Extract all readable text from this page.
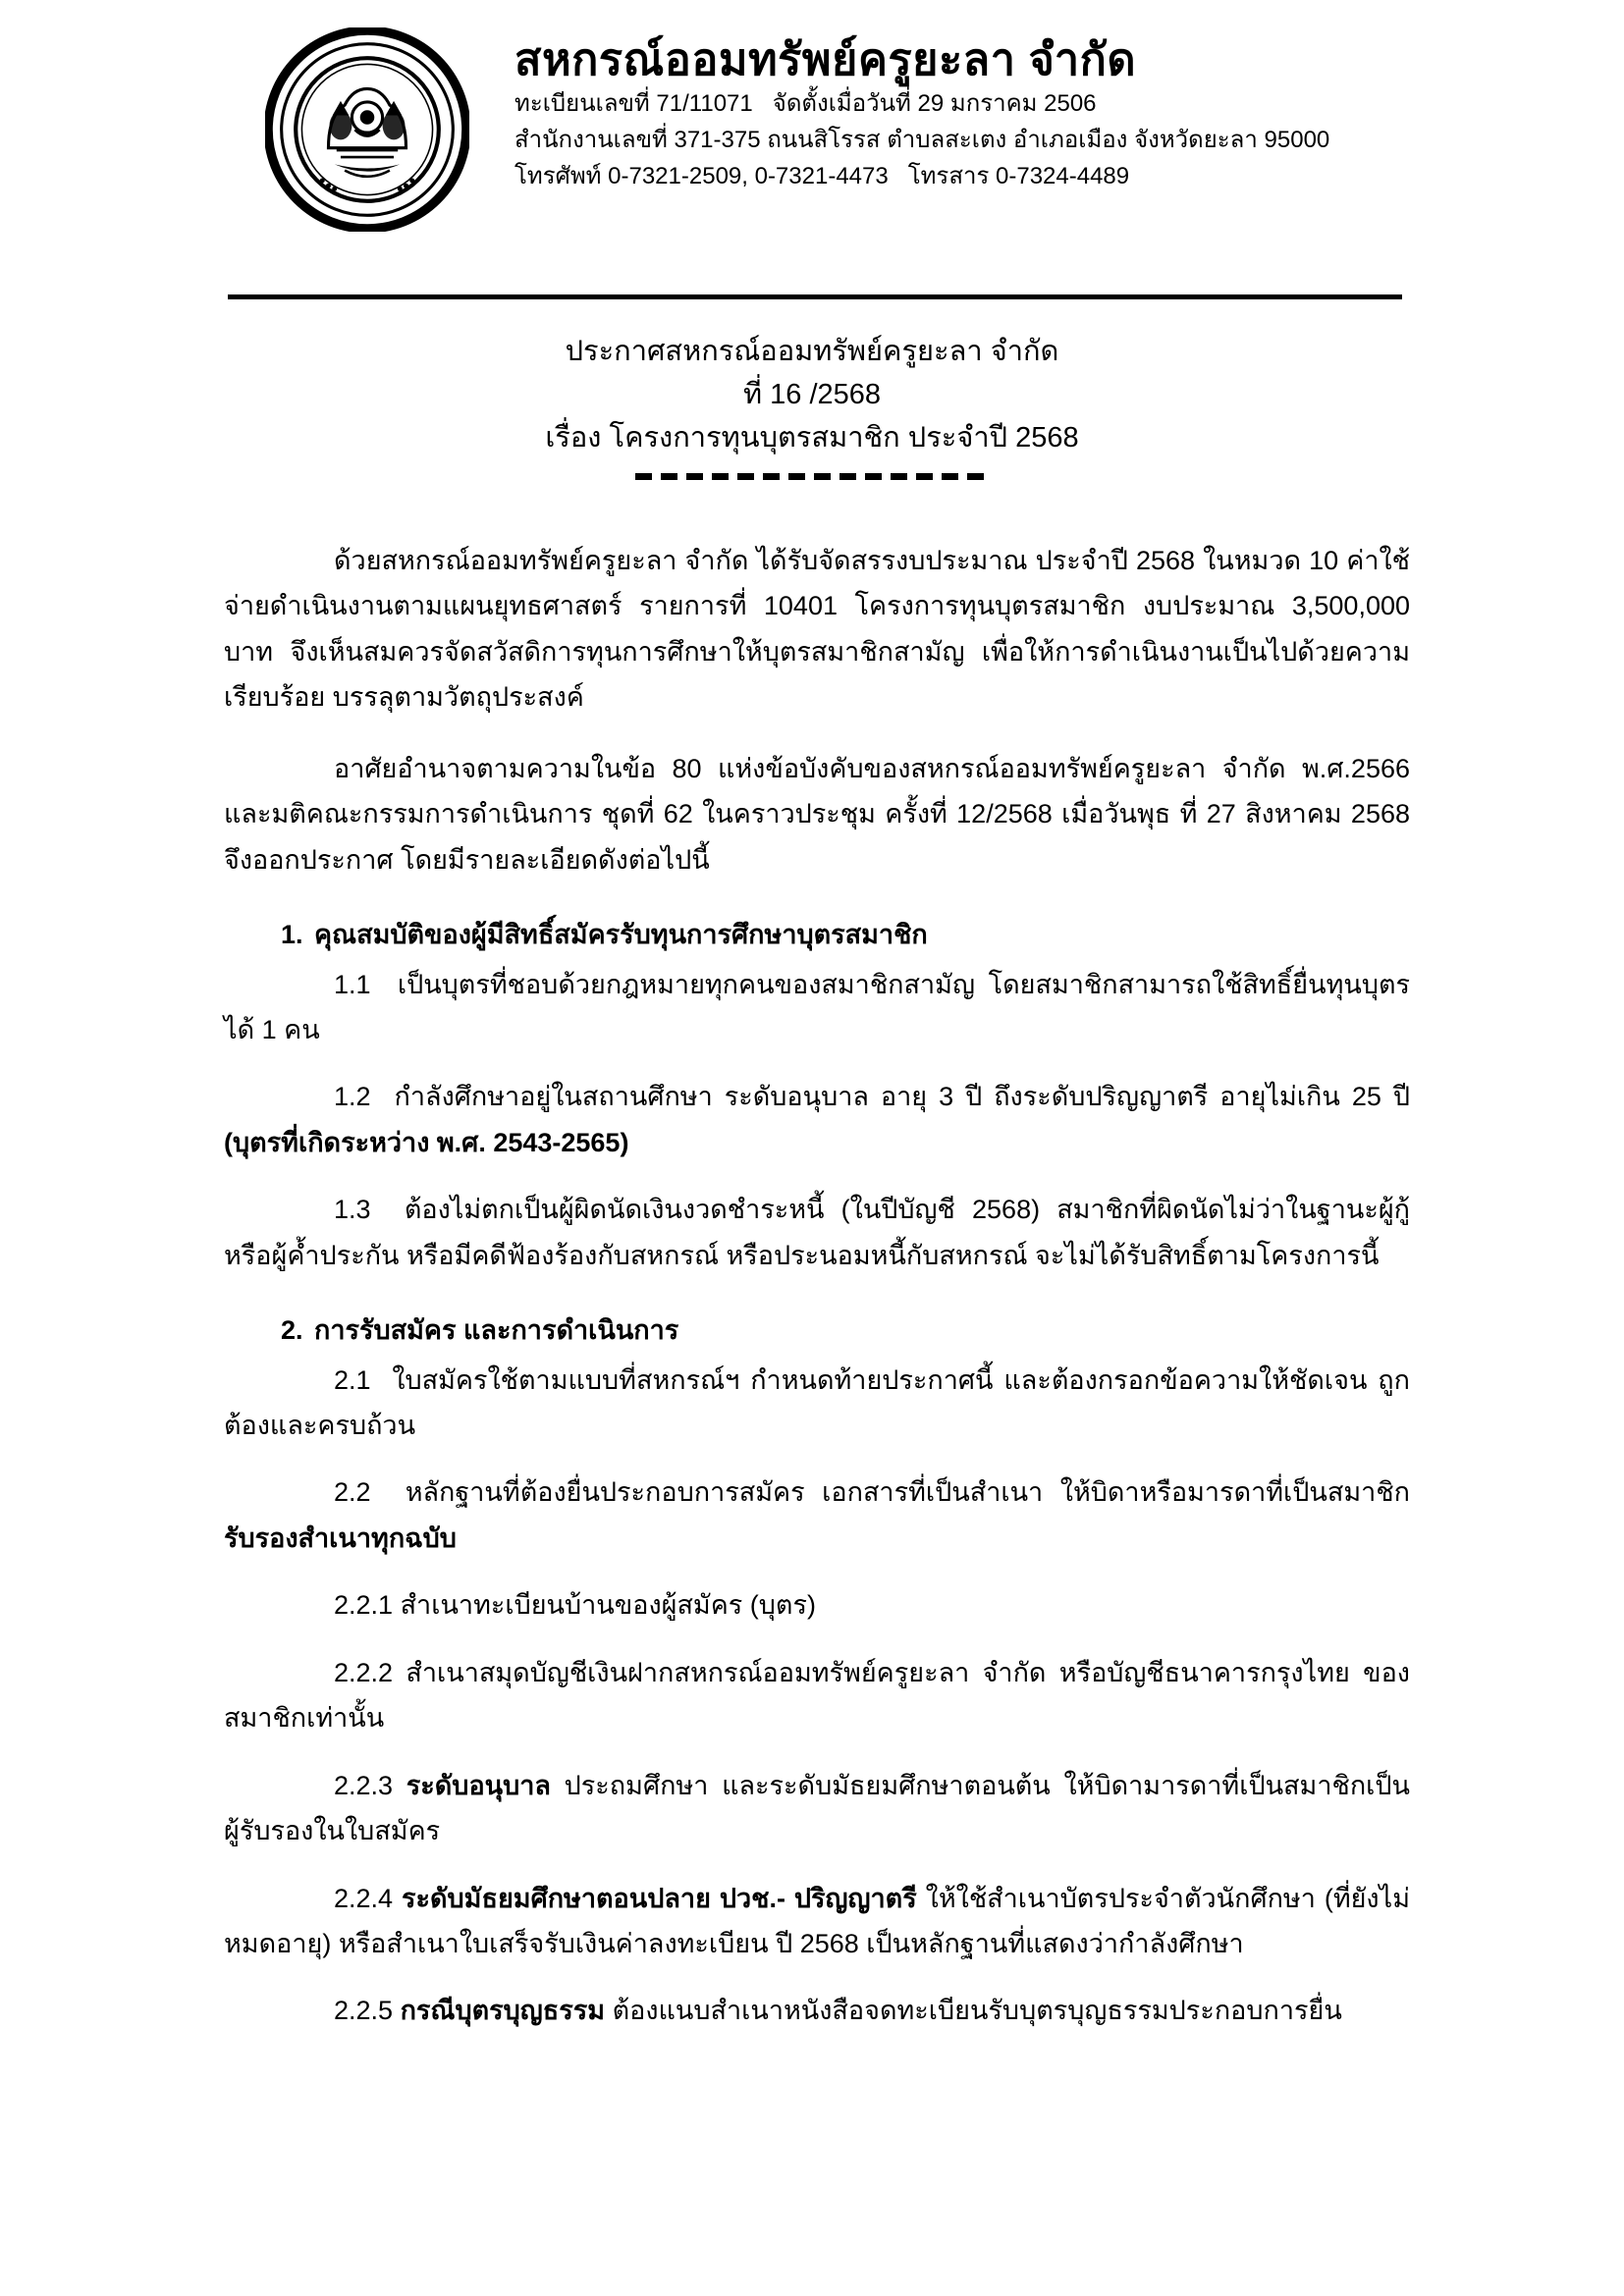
สหกรณ์ออมทรัพย์ครูยะลา จำกัด
ทะเบียนเลขที่ 71/11071 จัดตั้งเมื่อวันที่ 29 มกราคม 2506
สำนักงานเลขที่ 371-375 ถนนสิโรรส ตำบลสะเตง อำเภอเมือง จังหวัดยะลา 95000
โทรศัพท์ 0-7321-2509, 0-7321-4473 โทรสาร 0-7324-4489
ประกาศสหกรณ์ออมทรัพย์ครูยะลา จำกัด
ที่ 16 /2568
เรื่อง โครงการทุนบุตรสมาชิก ประจำปี 2568

ด้วยสหกรณ์ออมทรัพย์ครูยะลา จำกัด ได้รับจัดสรรงบประมาณ ประจำปี 2568 ในหมวด 10 ค่าใช้จ่ายดำเนินงานตามแผนยุทธศาสตร์ รายการที่ 10401 โครงการทุนบุตรสมาชิก งบประมาณ 3,500,000 บาท จึงเห็นสมควรจัดสวัสดิการทุนการศึกษาให้บุตรสมาชิกสามัญ เพื่อให้การดำเนินงานเป็นไปด้วยความเรียบร้อย บรรลุตามวัตถุประสงค์

อาศัยอำนาจตามความในข้อ 80 แห่งข้อบังคับของสหกรณ์ออมทรัพย์ครูยะลา จำกัด พ.ศ.2566 และมติคณะกรรมการดำเนินการ ชุดที่ 62 ในคราวประชุม ครั้งที่ 12/2568 เมื่อวันพุธ ที่ 27 สิงหาคม 2568 จึงออกประกาศ โดยมีรายละเอียดดังต่อไปนี้

1. คุณสมบัติของผู้มีสิทธิ์สมัครรับทุนการศึกษาบุตรสมาชิก

1.1 เป็นบุตรที่ชอบด้วยกฎหมายทุกคนของสมาชิกสามัญ โดยสมาชิกสามารถใช้สิทธิ์ยื่นทุนบุตรได้ 1 คน

1.2 กำลังศึกษาอยู่ในสถานศึกษา ระดับอนุบาล อายุ 3 ปี ถึงระดับปริญญาตรี อายุไม่เกิน 25 ปี (บุตรที่เกิดระหว่าง พ.ศ. 2543-2565)

1.3 ต้องไม่ตกเป็นผู้ผิดนัดเงินงวดชำระหนี้ (ในปีบัญชี 2568) สมาชิกที่ผิดนัดไม่ว่าในฐานะผู้กู้หรือผู้ค้ำประกัน หรือมีคดีฟ้องร้องกับสหกรณ์ หรือประนอมหนี้กับสหกรณ์ จะไม่ได้รับสิทธิ์ตามโครงการนี้

2. การรับสมัคร และการดำเนินการ

2.1 ใบสมัครใช้ตามแบบที่สหกรณ์ฯ กำหนดท้ายประกาศนี้ และต้องกรอกข้อความให้ชัดเจน ถูกต้องและครบถ้วน

2.2 หลักฐานที่ต้องยื่นประกอบการสมัคร เอกสารที่เป็นสำเนา ให้บิดาหรือมารดาที่เป็นสมาชิก รับรองสำเนาทุกฉบับ

2.2.1 สำเนาทะเบียนบ้านของผู้สมัคร (บุตร)

2.2.2 สำเนาสมุดบัญชีเงินฝากสหกรณ์ออมทรัพย์ครูยะลา จำกัด หรือบัญชีธนาคารกรุงไทย ของสมาชิกเท่านั้น

2.2.3 ระดับอนุบาล ประถมศึกษา และระดับมัธยมศึกษาตอนต้น ให้บิดามารดาที่เป็นสมาชิกเป็นผู้รับรองในใบสมัคร

2.2.4 ระดับมัธยมศึกษาตอนปลาย ปวช.- ปริญญาตรี ให้ใช้สำเนาบัตรประจำตัวนักศึกษา (ที่ยังไม่หมดอายุ) หรือสำเนาใบเสร็จรับเงินค่าลงทะเบียน ปี 2568 เป็นหลักฐานที่แสดงว่ากำลังศึกษา

2.2.5 กรณีบุตรบุญธรรม ต้องแนบสำเนาหนังสือจดทะเบียนรับบุตรบุญธรรมประกอบการยื่น
